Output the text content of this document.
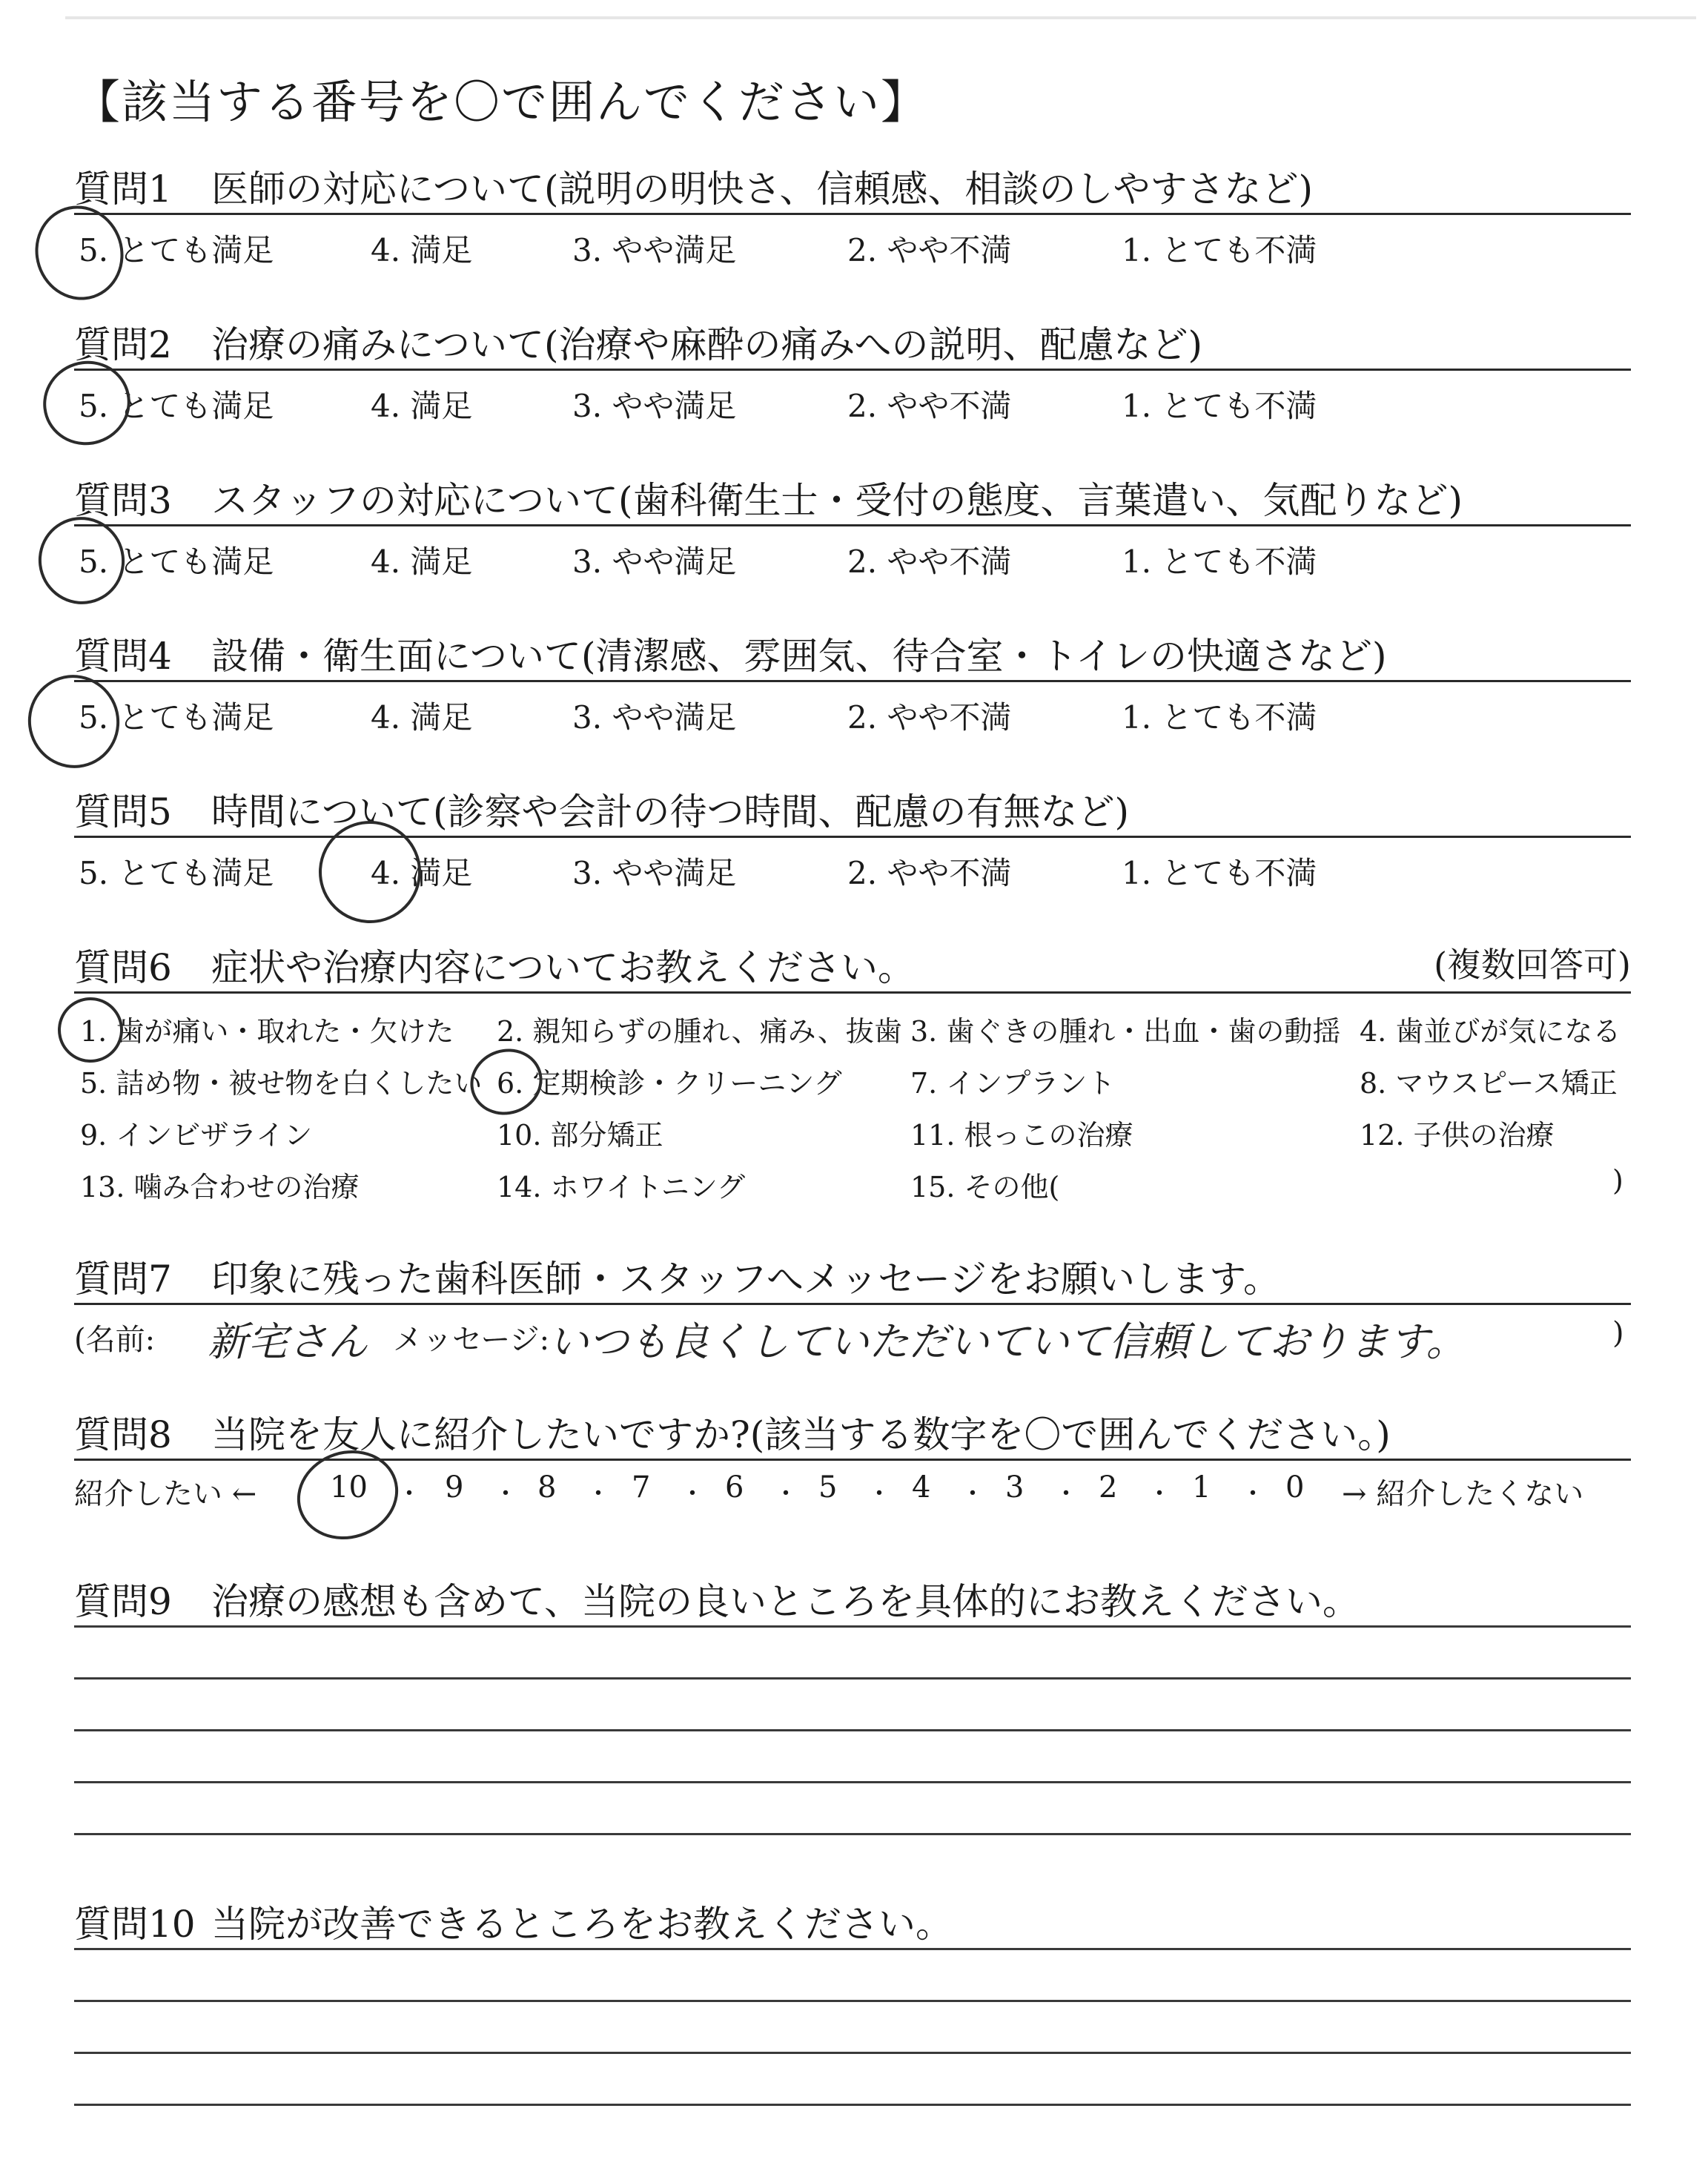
【該当する番号を〇で囲んでください】
質問1 医師の対応について(説明の明快さ、信頼感、相談のしやすさなど)
5. とても満足	4. 満足	3. やや満足	2. やや不満	1. とても不満
質問2 治療の痛みについて(治療や麻酔の痛みへの説明、配慮など)
5. とても満足	4. 満足	3. やや満足	2. やや不満	1. とても不満
質問3 スタッフの対応について(歯科衛生士・受付の態度、言葉遣い、気配りなど)
5. とても満足	4. 満足	3. やや満足	2. やや不満	1. とても不満
質問4 設備・衛生面について(清潔感、雰囲気、待合室・トイレの快適さなど)
5. とても満足	4. 満足	3. やや満足	2. やや不満	1. とても不満
質問5 時間について(診察や会計の待つ時間、配慮の有無など)
5. とても満足	4. 満足	3. やや満足	2. やや不満	1. とても不満
質問6 症状や治療内容についてお教えください。	(複数回答可)
1. 歯が痛い・取れた・欠けた 2. 親知らずの腫れ、痛み、抜歯 3. 歯ぐきの腫れ・出血・歯の動揺 4. 歯並びが気になる
5. 詰め物・被せ物を白くしたい 6. 定期検診・クリーニング 7. インプラント	8. マウスピース矯正
9. インビザライン	10. 部分矯正	11. 根っこの治療	12. 子供の治療
13. 噛み合わせの治療	14. ホワイトニング	15. その他(	)
質問7 印象に残った歯科医師・スタッフへメッセージをお願いします。
(名前: 新宅さん メッセージ:
いつも良くしていただいていて信頼しております。	)
質問8 当院を友人に紹介したいですか?(該当する数字を〇で囲んでください。)
紹介したい ←	→ 紹介したくない
10 ・ 9 ・ 8 ・ 7 ・ 6 ・ 5 ・ 4 ・ 3 ・ 2 ・ 1 ・ 0
質問9 治療の感想も含めて、当院の良いところを具体的にお教えください。
質問10 当院が改善できるところをお教えください。
